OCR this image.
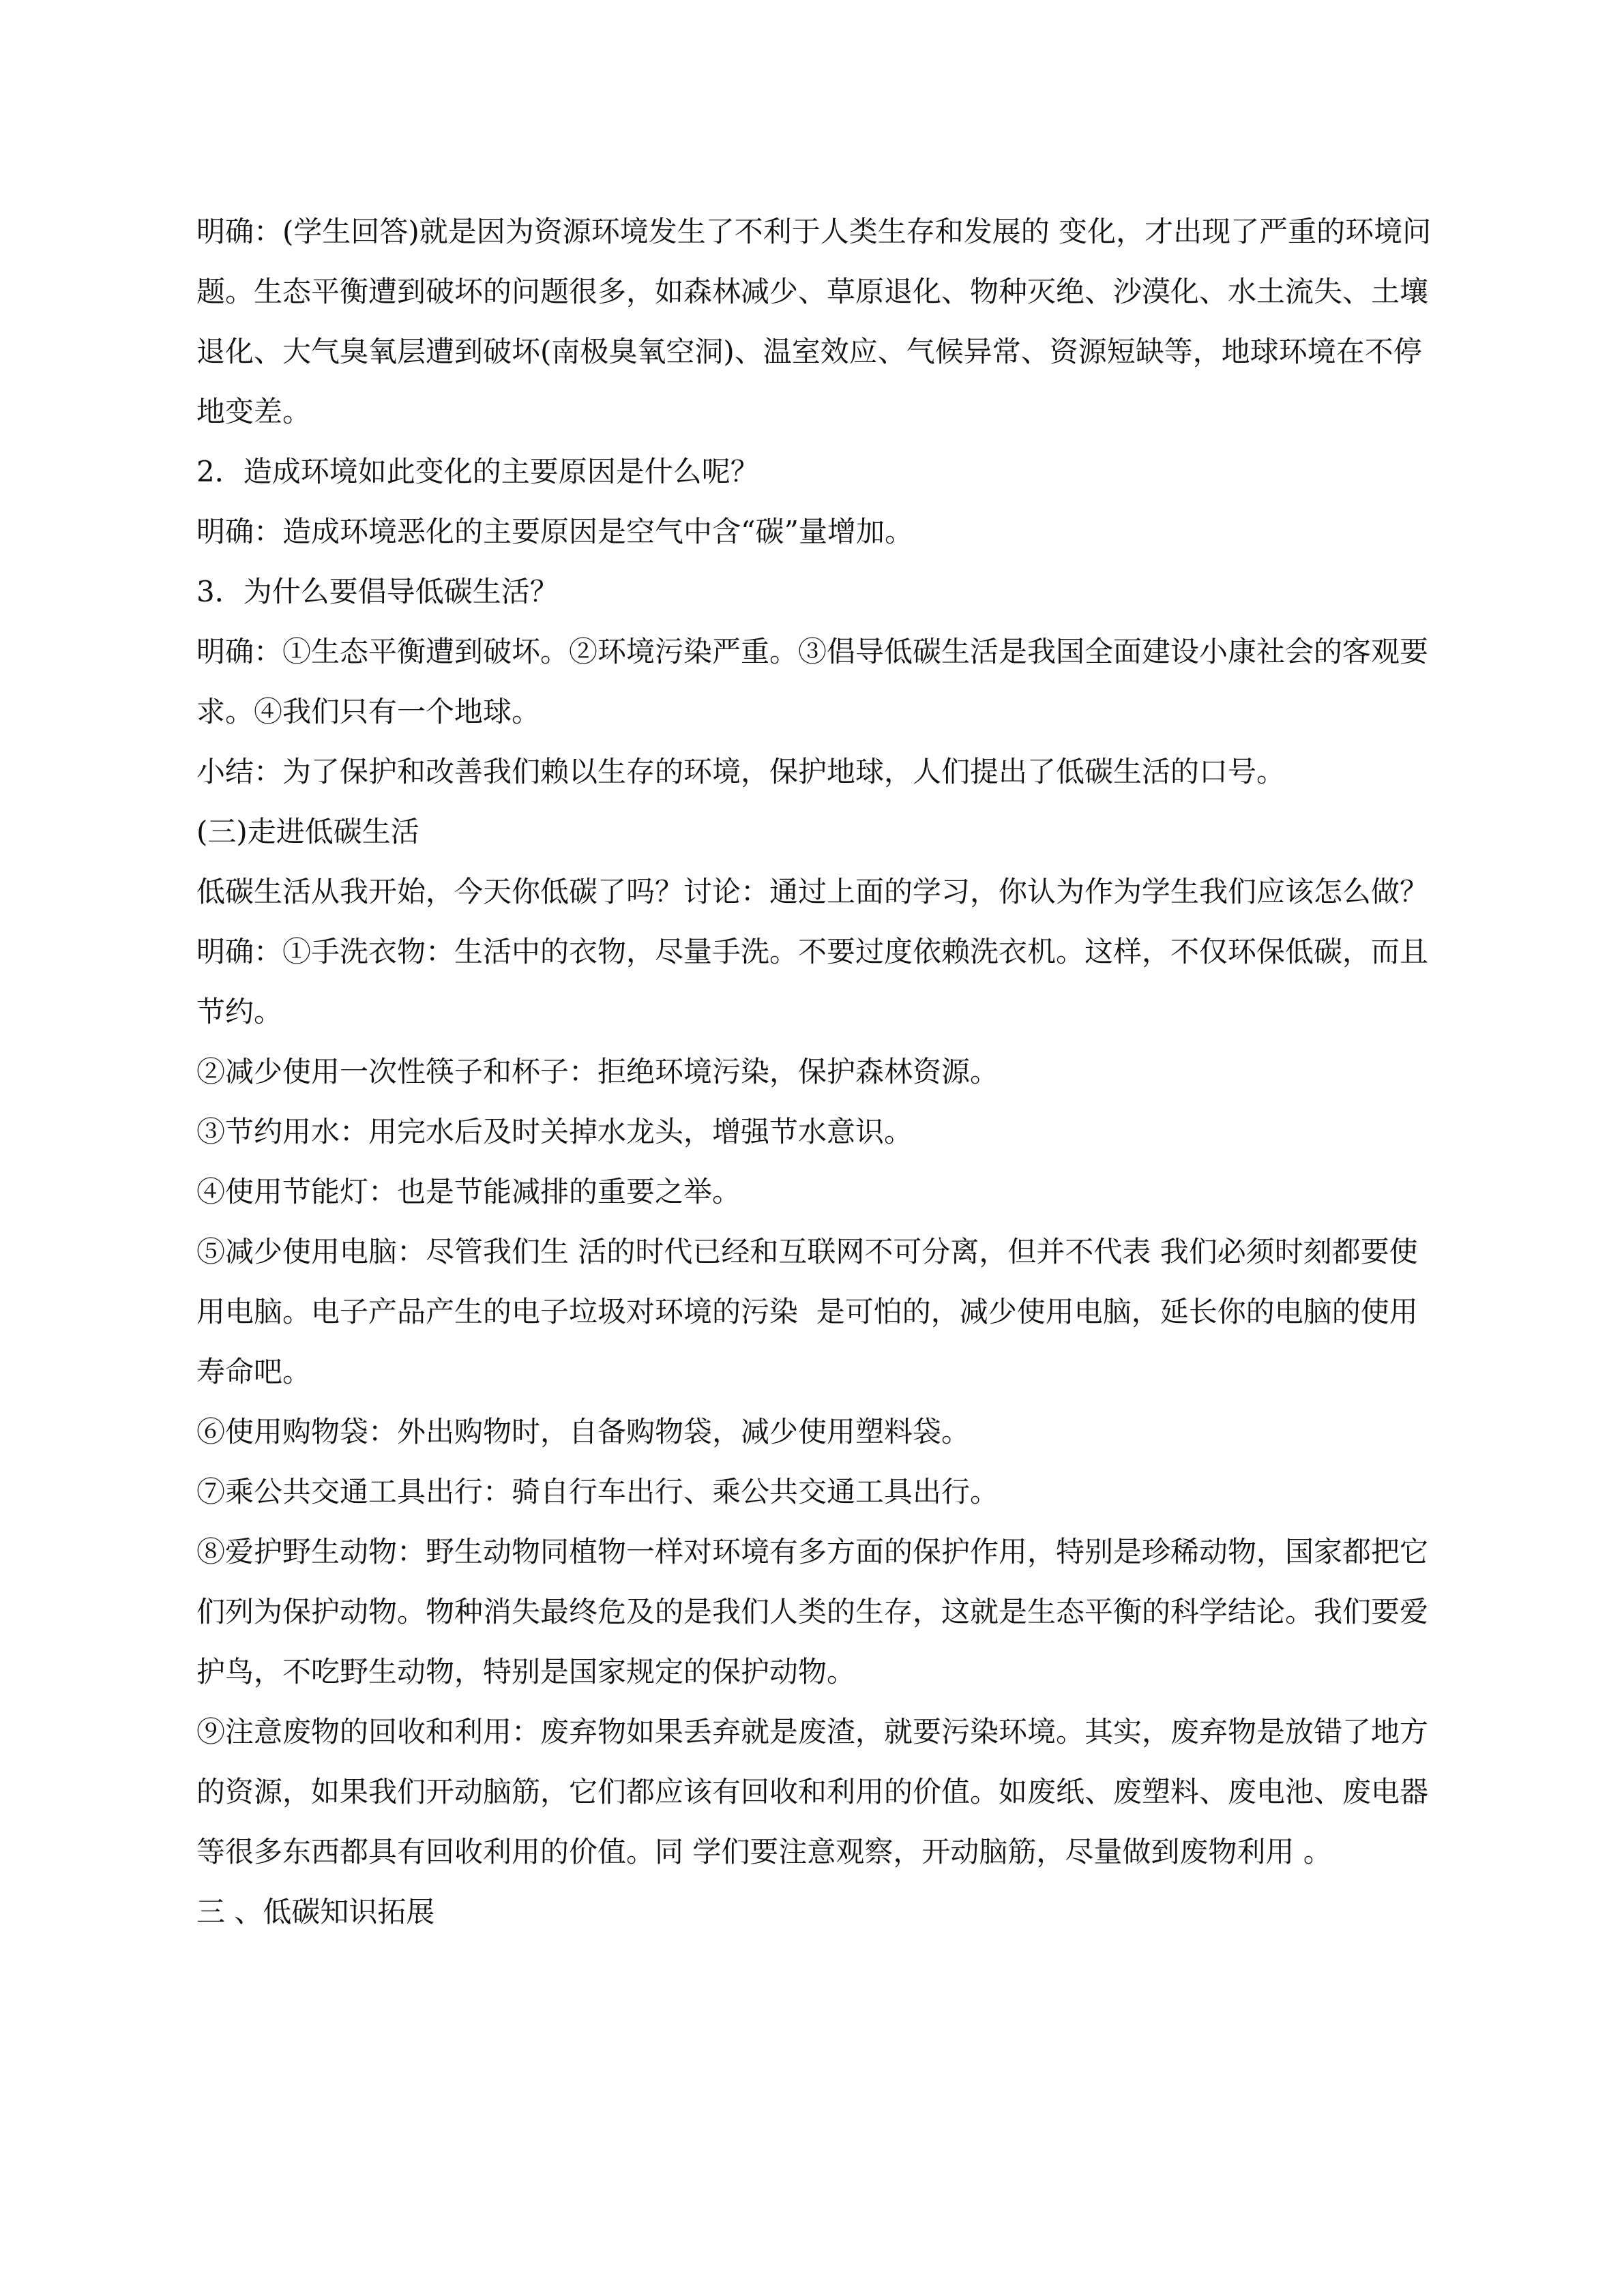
明确：(学生回答)就是因为资源环境发生了不利于人类生存和发展的 变化，才出现了严重的环境问

题。生态平衡遭到破坏的问题很多，如森林减少、草原退化、物种灭绝、沙漠化、水土流失、土壤

退化、大气臭氧层遭到破坏(南极臭氧空洞)、温室效应、气候异常、资源短缺等，地球环境在不停

地变差。

2．造成环境如此变化的主要原因是什么呢？

明确：造成环境恶化的主要原因是空气中含“碳”量增加。

3．为什么要倡导低碳生活？

明确：①生态平衡遭到破坏。②环境污染严重。③倡导低碳生活是我国全面建设小康社会的客观要

求。④我们只有一个地球。

小结：为了保护和改善我们赖以生存的环境，保护地球，人们提出了低碳生活的口号。

(三)走进低碳生活

低碳生活从我开始，今天你低碳了吗？讨论：通过上面的学习，你认为作为学生我们应该怎么做？

明确：①手洗衣物：生活中的衣物，尽量手洗。不要过度依赖洗衣机。这样，不仅环保低碳，而且

节约。

②减少使用一次性筷子和杯子：拒绝环境污染，保护森林资源。

③节约用水：用完水后及时关掉水龙头，增强节水意识。

④使用节能灯：也是节能减排的重要之举。

⑤减少使用电脑：尽管我们生 活的时代已经和互联网不可分离，但并不代表 我们必须时刻都要使

用电脑。电子产品产生的电子垃圾对环境的污染  是可怕的，减少使用电脑，延长你的电脑的使用

寿命吧。

⑥使用购物袋：外出购物时，自备购物袋，减少使用塑料袋。

⑦乘公共交通工具出行：骑自行车出行、乘公共交通工具出行。

⑧爱护野生动物：野生动物同植物一样对环境有多方面的保护作用，特别是珍稀动物，国家都把它

们列为保护动物。物种消失最终危及的是我们人类的生存，这就是生态平衡的科学结论。我们要爱

护鸟，不吃野生动物，特别是国家规定的保护动物。

⑨注意废物的回收和利用：废弃物如果丢弃就是废渣，就要污染环境。其实，废弃物是放错了地方

的资源，如果我们开动脑筋，它们都应该有回收和利用的价值。如废纸、废塑料、废电池、废电器

等很多东西都具有回收利用的价值。同 学们要注意观察，开动脑筋，尽量做到废物利用 。

三 、低碳知识拓展
